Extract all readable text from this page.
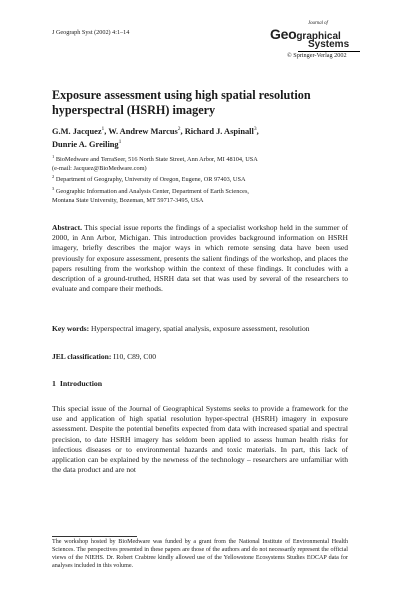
J Geograph Syst (2002) 4:1–14
Journal of
Geographical
Systems
© Springer-Verlag 2002
Exposure assessment using high spatial resolution hyperspectral (HSRH) imagery
G.M. Jacquez$^1$, W. Andrew Marcus$^2$, Richard J. Aspinall$^3$,
Dunrie A. Greiling$^1$
$^1$ BioMedware and TerraSeer, 516 North State Street, Ann Arbor, MI 48104, USA
(e-mail: Jacquez@BioMedware.com)
$^2$ Department of Geography, University of Oregon, Eugene, OR 97403, USA
$^3$ Geographic Information and Analysis Center, Department of Earth Sciences,
Montana State University, Bozeman, MT 59717-3495, USA
Abstract. This special issue reports the findings of a specialist workshop held in the summer of 2000, in Ann Arbor, Michigan. This introduction provides background information on HSRH imagery, briefly describes the major ways in which remote sensing data have been used previously for exposure assessment, presents the salient findings of the workshop, and places the papers resulting from the workshop within the context of these findings. It concludes with a description of a ground-truthed, HSRH data set that was used by several of the researchers to evaluate and compare their methods.
Key words: Hyperspectral imagery, spatial analysis, exposure assessment, resolution
JEL classification: I10, C89, C00
1 Introduction
This special issue of the Journal of Geographical Systems seeks to provide a framework for the use and application of high spatial resolution hyper-spectral (HSRH) imagery in exposure assessment. Despite the potential benefits expected from data with increased spatial and spectral precision, to date HSRH imagery has seldom been applied to assess human health risks for infectious diseases or to environmental hazards and toxic materials. In part, this lack of application can be explained by the newness of the technology – researchers are unfamiliar with the data product and are not
The workshop hosted by BioMedware was funded by a grant from the National Institute of Environmental Health Sciences. The perspectives presented in these papers are those of the authors and do not necessarily represent the official views of the NIEHS. Dr. Robert Crabtree kindly allowed use of the Yellowstone Ecosystems Studies EOCAP data for analyses included in this volume.
